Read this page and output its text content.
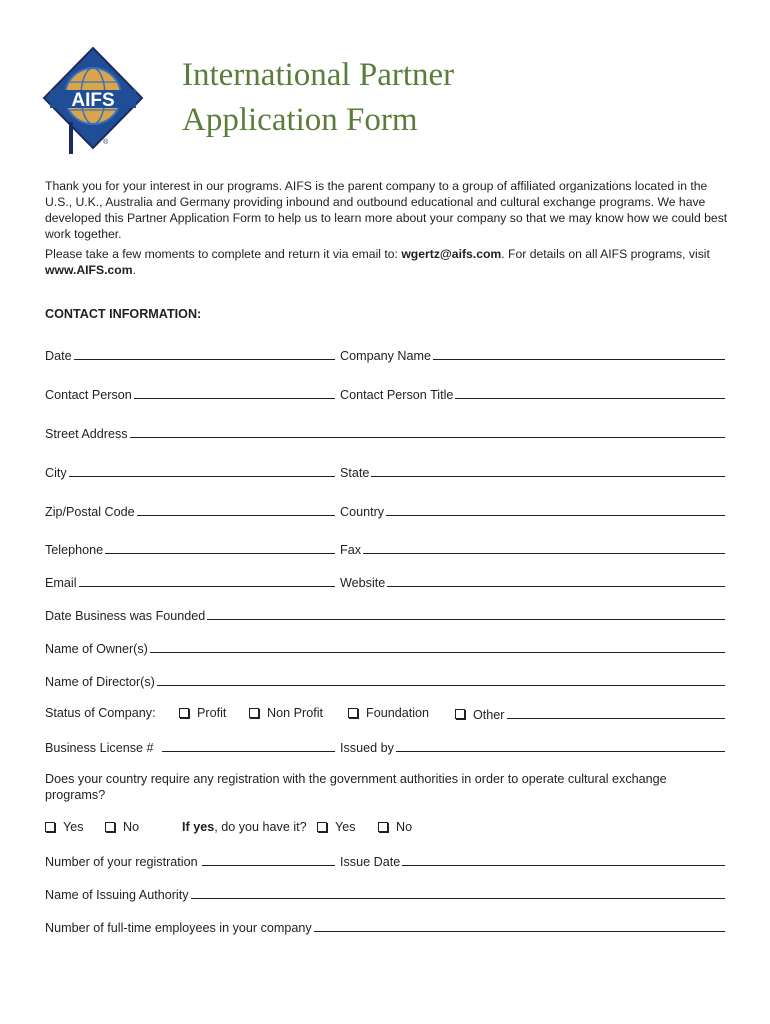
AIFS
®
International Partner
Application Form
Thank you for your interest in our programs. AIFS is the parent company to a group of affiliated organizations located in the U.S., U.K., Australia and Germany providing inbound and outbound educational and cultural exchange programs. We have developed this Partner Application Form to help us to learn more about your company so that we may know how we could best work together.
Please take a few moments to complete and return it via email to: wgertz@aifs.com. For details on all AIFS programs, visit www.AIFS.com.
CONTACT INFORMATION:
Date	Company Name
Contact Person	Contact Person Title
Street Address
City	State
Zip/Postal Code	Country
Telephone	Fax
Email	Website
Date Business was Founded
Name of Owner(s)
Name of Director(s)
Status of Company:	Profit	Non Profit	Foundation	Other
Business License #	Issued by
Does your country require any registration with the government authorities in order to operate cultural exchange programs?
Yes	No	If yes , do you have it? Yes	No
Number of your registration	Issue Date
Name of Issuing Authority
Number of full-time employees in your company
